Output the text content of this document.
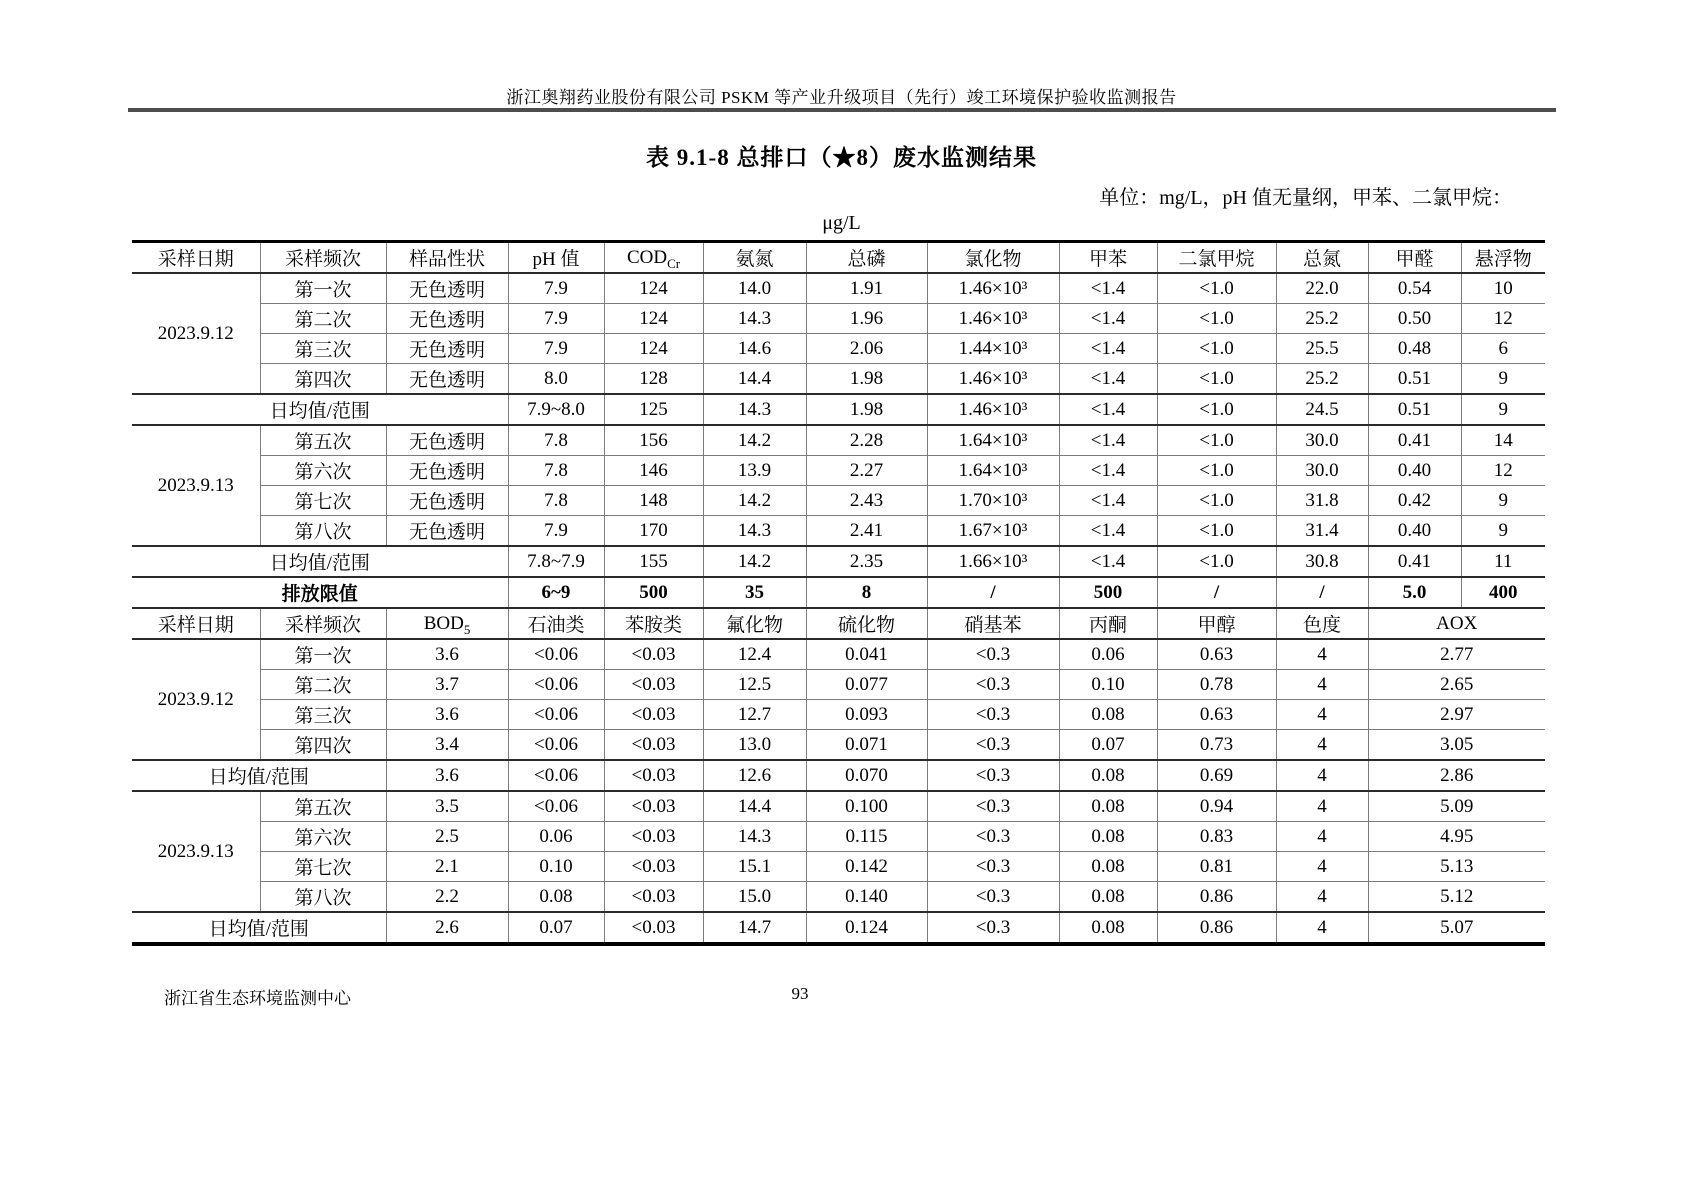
浙江奥翔药业股份有限公司 PSKM 等产业升级项目（先行）竣工环境保护验收监测报告
表 9.1-8 总排口（★8）废水监测结果
单位：mg/L，pH 值无量纲，甲苯、二氯甲烷：
μg/L
采样日期	采样频次	样品性状	pH 值	$COD_{Cr}$	氨氮	总磷	氯化物	甲苯	二氯甲烷	总氮	甲醛	悬浮物
2023.9.12	第一次	无色透明	7.9	124	14.0	1.91	1.46×10³	<1.4	<1.0	22.0	0.54	10
	第二次	无色透明	7.9	124	14.3	1.96	1.46×10³	<1.4	<1.0	25.2	0.50	12
	第三次	无色透明	7.9	124	14.6	2.06	1.44×10³	<1.4	<1.0	25.5	0.48	6
	第四次	无色透明	8.0	128	14.4	1.98	1.46×10³	<1.4	<1.0	25.2	0.51	9
日均值/范围			7.9~8.0	125	14.3	1.98	1.46×10³	<1.4	<1.0	24.5	0.51	9
2023.9.13	第五次	无色透明	7.8	156	14.2	2.28	1.64×10³	<1.4	<1.0	30.0	0.41	14
	第六次	无色透明	7.8	146	13.9	2.27	1.64×10³	<1.4	<1.0	30.0	0.40	12
	第七次	无色透明	7.8	148	14.2	2.43	1.70×10³	<1.4	<1.0	31.8	0.42	9
	第八次	无色透明	7.9	170	14.3	2.41	1.67×10³	<1.4	<1.0	31.4	0.40	9
日均值/范围			7.8~7.9	155	14.2	2.35	1.66×10³	<1.4	<1.0	30.8	0.41	11
排放限值			6~9	500	35	8	/	500	/	/	5.0	400
采样日期	采样频次	$BOD_5$	石油类	苯胺类	氟化物	硫化物	硝基苯	丙酮	甲醇	色度	AOX	
2023.9.12	第一次	3.6	<0.06	<0.03	12.4	0.041	<0.3	0.06	0.63	4	2.77	
	第二次	3.7	<0.06	<0.03	12.5	0.077	<0.3	0.10	0.78	4	2.65	
	第三次	3.6	<0.06	<0.03	12.7	0.093	<0.3	0.08	0.63	4	2.97	
	第四次	3.4	<0.06	<0.03	13.0	0.071	<0.3	0.07	0.73	4	3.05	
日均值/范围		3.6	<0.06	<0.03	12.6	0.070	<0.3	0.08	0.69	4	2.86	
2023.9.13	第五次	3.5	<0.06	<0.03	14.4	0.100	<0.3	0.08	0.94	4	5.09	
	第六次	2.5	0.06	<0.03	14.3	0.115	<0.3	0.08	0.83	4	4.95	
	第七次	2.1	0.10	<0.03	15.1	0.142	<0.3	0.08	0.81	4	5.13	
	第八次	2.2	0.08	<0.03	15.0	0.140	<0.3	0.08	0.86	4	5.12	
日均值/范围		2.6	0.07	<0.03	14.7	0.124	<0.3	0.08	0.86	4	5.07	
浙江省生态环境监测中心	93
